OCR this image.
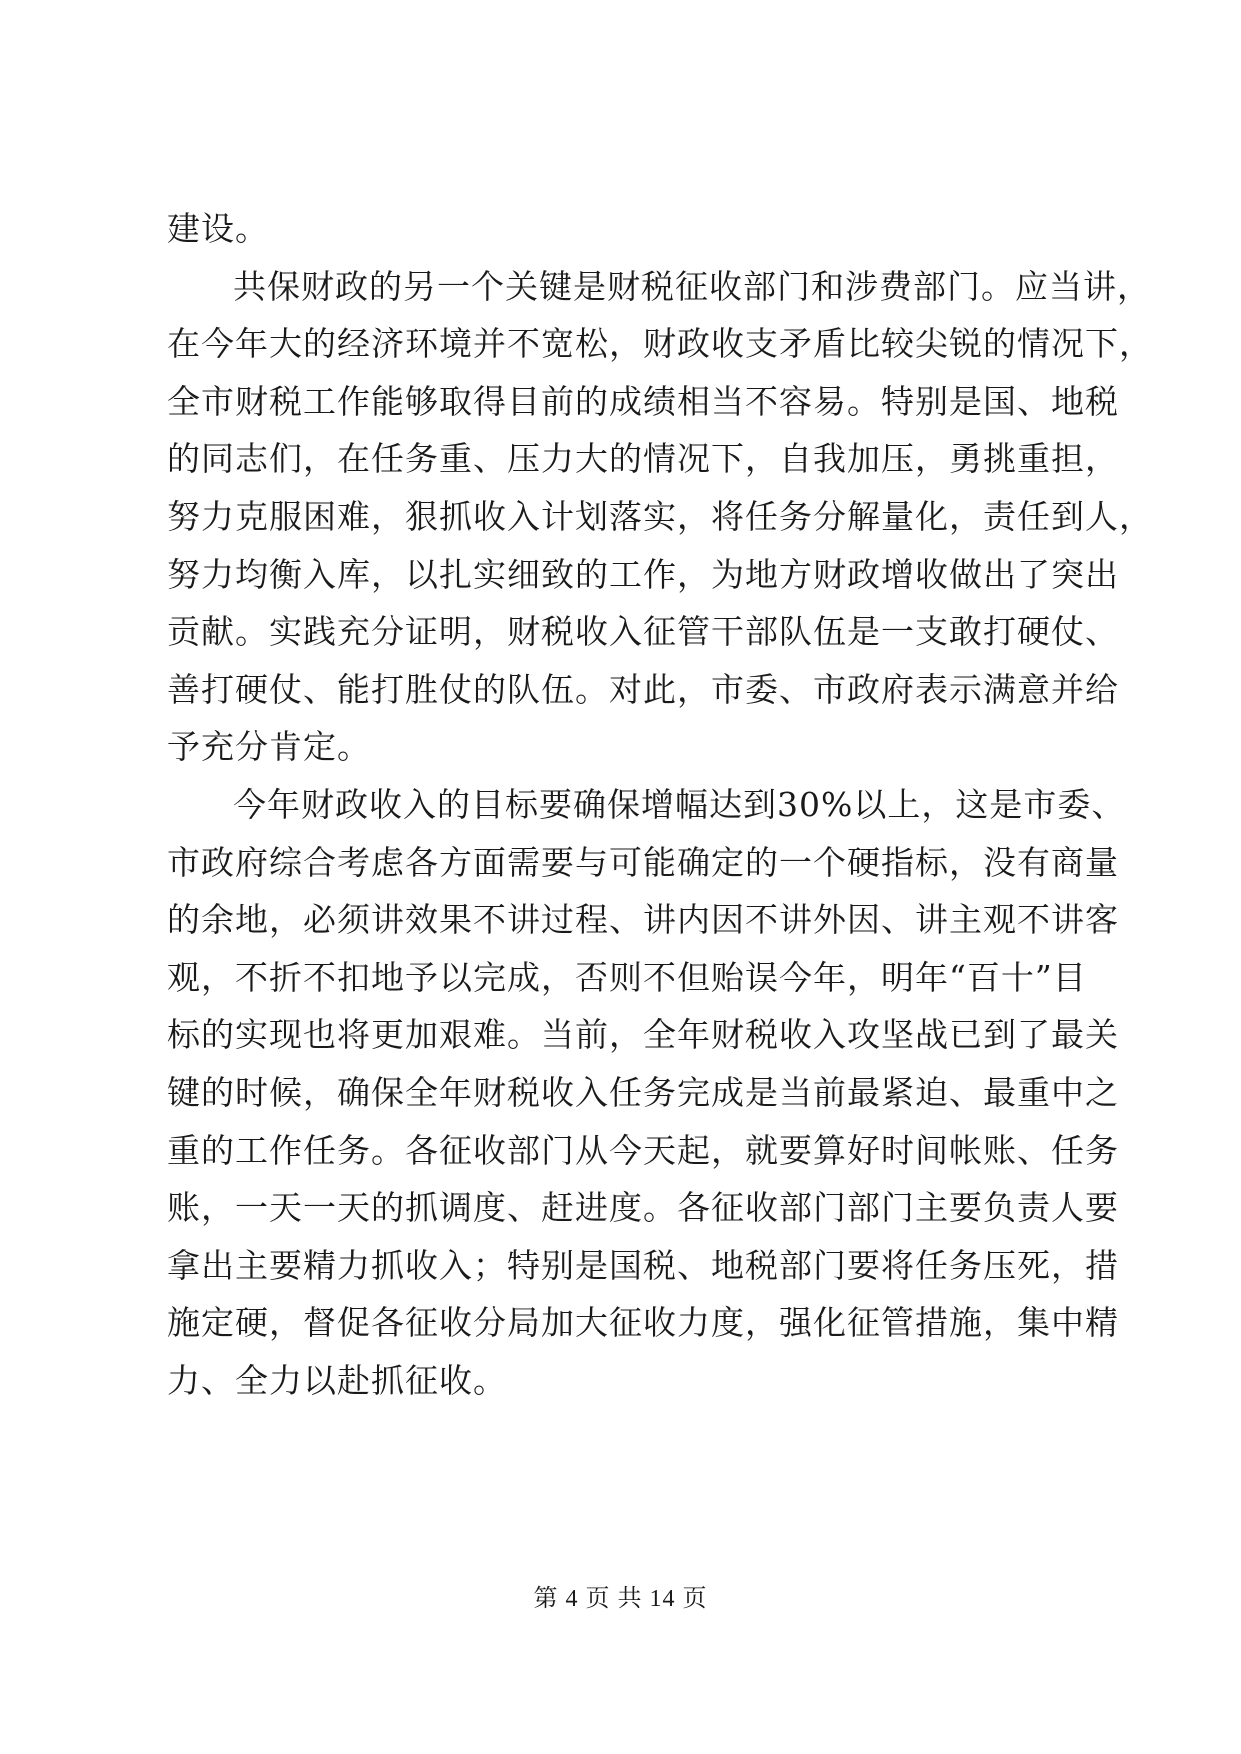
建设。
共保财政的另一个关键是财税征收部门和涉费部门。应当讲，
在今年大的经济环境并不宽松，财政收支矛盾比较尖锐的情况下，
全市财税工作能够取得目前的成绩相当不容易。特别是国、地税
的同志们，在任务重、压力大的情况下，自我加压，勇挑重担，
努力克服困难，狠抓收入计划落实，将任务分解量化，责任到人，
努力均衡入库，以扎实细致的工作，为地方财政增收做出了突出
贡献。实践充分证明，财税收入征管干部队伍是一支敢打硬仗、
善打硬仗、能打胜仗的队伍。对此，市委、市政府表示满意并给
予充分肯定。
今年财政收入的目标要确保增幅达到30%以上，这是市委、
市政府综合考虑各方面需要与可能确定的一个硬指标，没有商量
的余地，必须讲效果不讲过程、讲内因不讲外因、讲主观不讲客
观，不折不扣地予以完成，否则不但贻误今年，明年“百十”目
标的实现也将更加艰难。当前，全年财税收入攻坚战已到了最关
键的时候，确保全年财税收入任务完成是当前最紧迫、最重中之
重的工作任务。各征收部门从今天起，就要算好时间帐账、任务
账，一天一天的抓调度、赶进度。各征收部门部门主要负责人要
拿出主要精力抓收入；特别是国税、地税部门要将任务压死，措
施定硬，督促各征收分局加大征收力度，强化征管措施，集中精
力、全力以赴抓征收。
第 4 页 共 14 页
